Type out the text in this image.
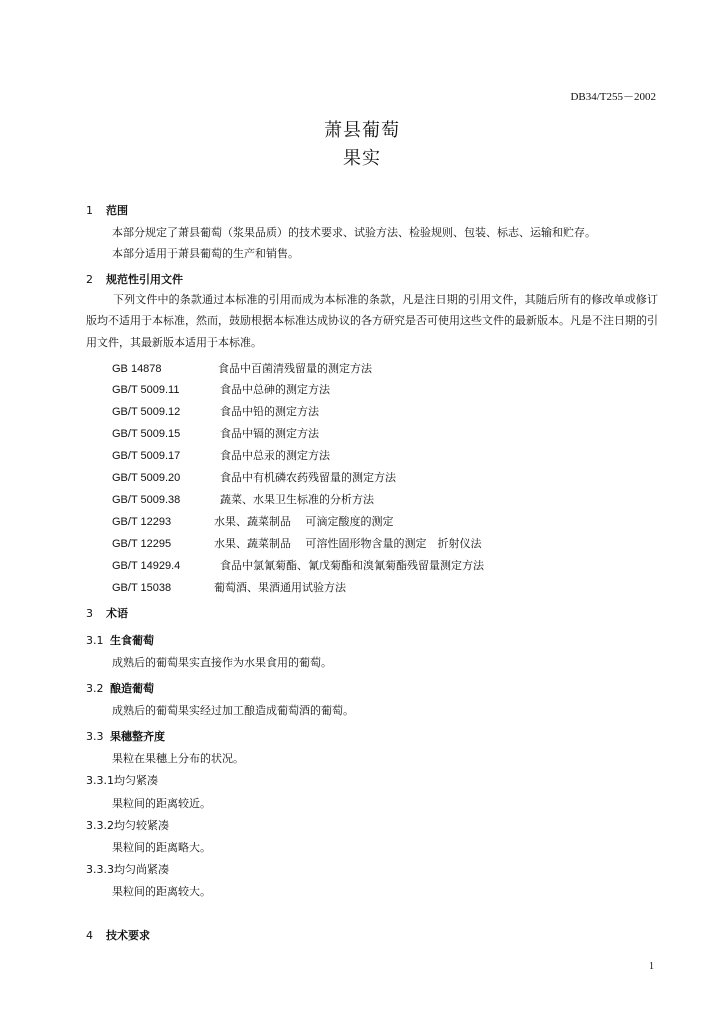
DB34/T255－2002
萧县葡萄
果实
1 范围
本部分规定了萧县葡萄（浆果品质）的技术要求、试验方法、检验规则、包装、标志、运输和贮存。
本部分适用于萧县葡萄的生产和销售。
2 规范性引用文件
下列文件中的条款通过本标准的引用而成为本标准的条款，凡是注日期的引用文件，其随后所有的修改单或修订版均不适用于本标准，然而，鼓励根据本标准达成协议的各方研究是否可使用这些文件的最新版本。凡是不注日期的引用文件，其最新版本适用于本标准。
GB 14878	食品中百菌清残留量的测定方法
GB/T 5009.11	食品中总砷的测定方法
GB/T 5009.12	食品中铅的测定方法
GB/T 5009.15	食品中镉的测定方法
GB/T 5009.17	食品中总汞的测定方法
GB/T 5009.20	食品中有机磷农药残留量的测定方法
GB/T 5009.38	蔬菜、水果卫生标准的分析方法
GB/T 12293	水果、蔬菜制品　 可滴定酸度的测定
GB/T 12295	水果、蔬菜制品　 可溶性固形物含量的测定　折射仪法
GB/T 14929.4	食品中氯氰菊酯、氰戊菊酯和溴氰菊酯残留量测定方法
GB/T 15038	葡萄酒、果酒通用试验方法
3 术语
3.1 生食葡萄
成熟后的葡萄果实直接作为水果食用的葡萄。
3.2 酿造葡萄
成熟后的葡萄果实经过加工酿造成葡萄酒的葡萄。
3.3 果穗整齐度
果粒在果穗上分布的状况。
3.3.1均匀紧凑
果粒间的距离较近。
3.3.2均匀较紧凑
果粒间的距离略大。
3.3.3均匀尚紧凑
果粒间的距离较大。
4 技术要求
1
